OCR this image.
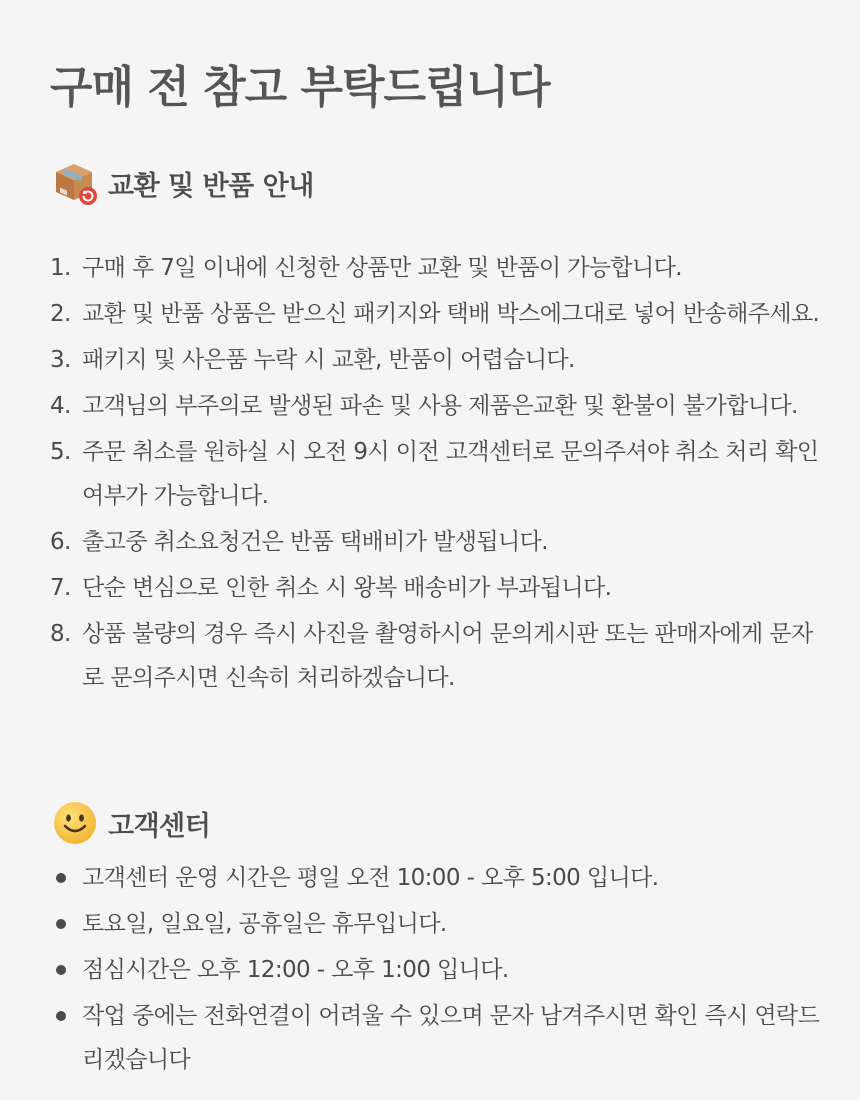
구매 전 참고 부탁드립니다
교환 및 반품 안내
1. 구매 후 7일 이내에 신청한 상품만 교환 및 반품이 가능합니다.
2. 교환 및 반품 상품은 받으신 패키지와 택배 박스에그대로 넣어 반송해주세요.
3. 패키지 및 사은품 누락 시 교환, 반품이 어렵습니다.
4. 고객님의 부주의로 발생된 파손 및 사용 제품은교환 및 환불이 불가합니다.
5. 주문 취소를 원하실 시 오전 9시 이전 고객센터로 문의주셔야 취소 처리 확인 여부가 가능합니다.
6. 출고중 취소요청건은 반품 택배비가 발생됩니다.
7. 단순 변심으로 인한 취소 시 왕복 배송비가 부과됩니다.
8. 상품 불량의 경우 즉시 사진을 촬영하시어 문의게시판 또는 판매자에게 문자로 문의주시면 신속히 처리하겠습니다.
고객센터
고객센터 운영 시간은 평일 오전 10:00 - 오후 5:00 입니다.
토요일, 일요일, 공휴일은 휴무입니다.
점심시간은 오후 12:00 - 오후 1:00 입니다.
작업 중에는 전화연결이 어려울 수 있으며 문자 남겨주시면 확인 즉시 연락드리겠습니다
